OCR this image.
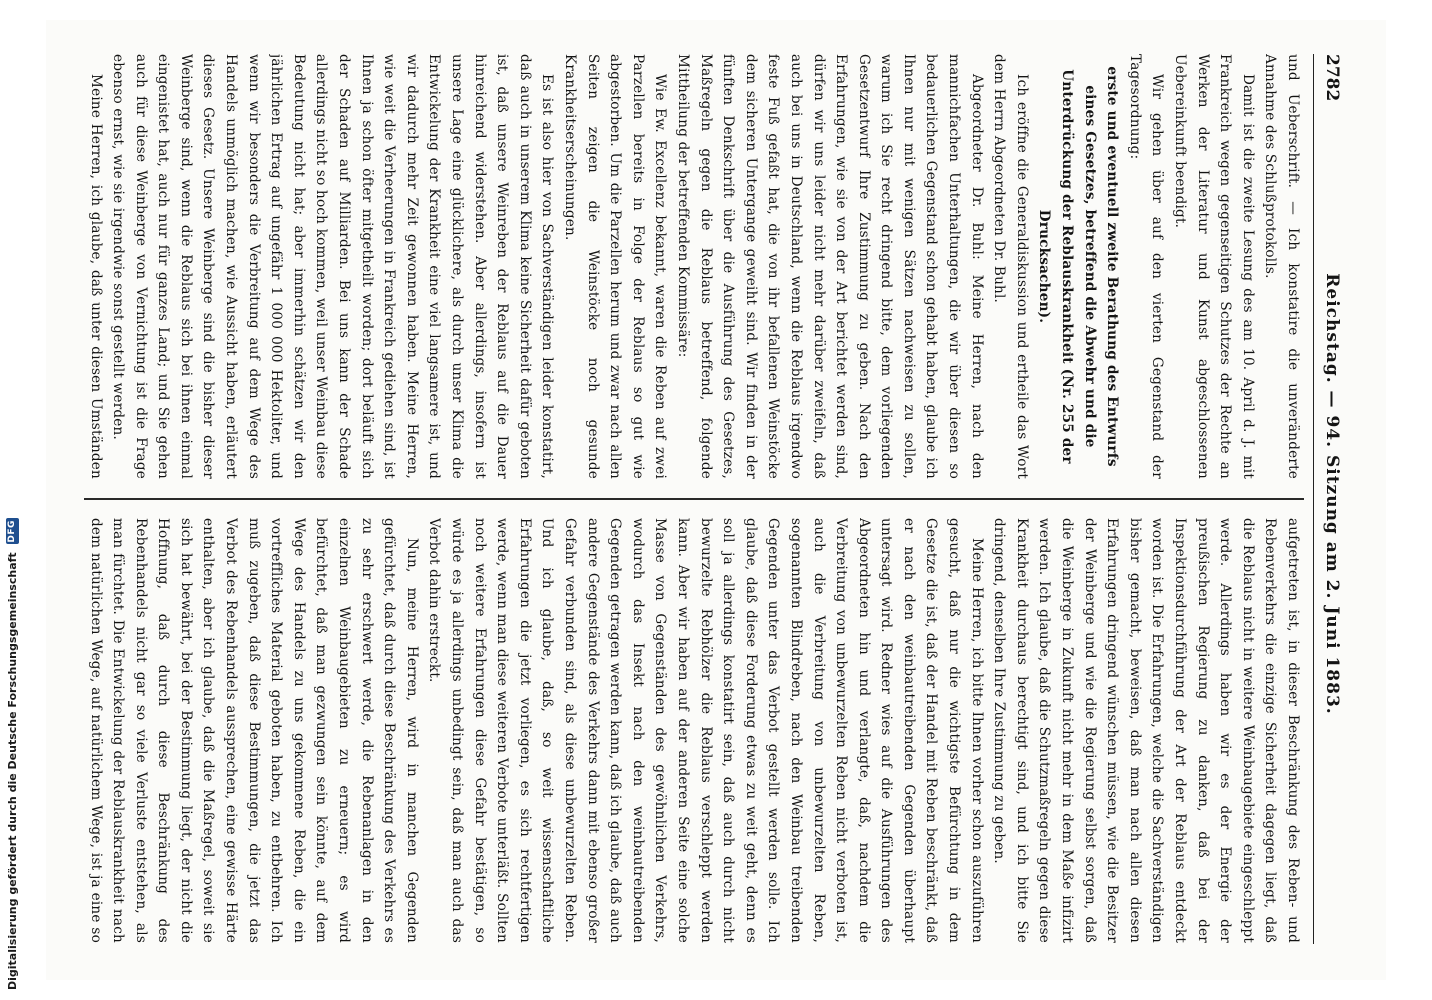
2782
Reichstag. — 94. Sitzung am 2. Juni 1883.

und Ueberschrift. — Ich konstatire die unveränderte Annahme des Schlußprotokolls.

Damit ist die zweite Lesung des am 10. April d. J. mit Frankreich wegen gegenseitigen Schutzes der Rechte an Werken der Literatur und Kunst abgeschlossenen Uebereinkunft beendigt.

Wir gehen über auf den vierten Gegenstand der Tagesordnung:

erste und eventuell zweite Berathung des Entwurfs eines Gesetzes, betreffend die Abwehr und die Unterdrückung der Reblauskrankheit (Nr. 255 der Drucksachen).

Ich eröffne die Generaldiskussion und ertheile das Wort dem Herrn Abgeordneten Dr. Buhl.

Abgeordneter Dr. Buhl: Meine Herren, nach den mannichfachen Unterhaltungen, die wir über diesen so bedauerlichen Gegenstand schon gehabt haben, glaube ich Ihnen nur mit wenigen Sätzen nachweisen zu sollen, warum ich Sie recht dringend bitte, dem vorliegenden Gesetzentwurf Ihre Zustimmung zu geben. Nach den Erfahrungen, wie sie von der Art berichtet werden sind, dürfen wir uns leider nicht mehr darüber zweifeln, daß auch bei uns in Deutschland, wenn die Reblaus irgendwo feste Fuß gefaßt hat, die von ihr befallenen Weinstöcke dem sicheren Untergange geweiht sind. Wir finden in der fünften Denkschrift über die Ausführung des Gesetzes, Maßregeln gegen die Reblaus betreffend, folgende Mittheilung der betreffenden Kommissäre:

Wie Ew. Excellenz bekannt, waren die Reben auf zwei Parzellen bereits in Folge der Reblaus so gut wie abgestorben. Um die Parzellen herum und zwar nach allen Seiten zeigen die Weinstöcke noch gesunde Krankheitserscheinungen.

Es ist also hier von Sachverständigen leider konstatirt, daß auch in unserem Klima keine Sicherheit dafür geboten ist, daß unsere Weinreben der Reblaus auf die Dauer hinreichend widerstehen. Aber allerdings, insofern ist unsere Lage eine glücklichere, als durch unser Klima die Entwickelung der Krankheit eine viel langsamere ist, und wir dadurch mehr Zeit gewonnen haben. Meine Herren, wie weit die Verheerungen in Frankreich gediehen sind, ist Ihnen ja schon öfter mitgetheilt worden; dort beläuft sich der Schaden auf Milliarden. Bei uns kann der Schade allerdings nicht so hoch kommen, weil unser Weinbau diese Bedeutung nicht hat; aber immerhin schätzen wir den jährlichen Ertrag auf ungefähr 1 000 000 Hektoliter, und wenn wir besonders die Verbreitung auf dem Wege des Handels unmöglich machen, wie Aussicht haben, erläutert dieses Gesetz. Unsere Weinberge sind die bisher dieser Weinberge sind, wenn die Reblaus sich bei ihnen einmal eingenistet hat, auch nur für ganzes Land; und Sie gehen auch für diese Weinberge von Vernichtung ist die Frage ebenso ernst, wie sie irgendwie sonst gestellt werden.

Meine Herren, ich glaube, daß unter diesen Umständen

aufgetreten ist, in dieser Beschränkung des Reben- und Rebenverkehrs die einzige Sicherheit dagegen liegt, daß die Reblaus nicht in weitere Weinbaugebiete eingeschleppt werde. Allerdings haben wir es der Energie der preußischen Regierung zu danken, daß bei der Inspektionsdurchführung der Art der Reblaus entdeckt worden ist. Die Erfahrungen, welche die Sachverständigen bisher gemacht, beweisen, daß man nach allen diesen Erfahrungen dringend wünschen müssen, wie die Besitzer der Weinberge und wie die Regierung selbst sorgen, daß die Weinberge in Zukunft nicht mehr in dem Maße infizirt werden. Ich glaube, daß die Schutzmaßregeln gegen diese Krankheit durchaus berechtigt sind, und ich bitte Sie dringend, denselben Ihre Zustimmung zu geben.

Meine Herren, ich bitte Ihnen vorher schon auszuführen gesucht, daß nur die wichtigste Befürchtung in dem Gesetze die ist, daß der Handel mit Reben beschränkt, daß er nach den weinbautreibenden Gegenden überhaupt untersagt wird. Redner wies auf die Ausführungen des Abgeordneten hin und verlangte, daß, nachdem die Verbreitung von unbewurzelten Reben nicht verboten ist, auch die Verbreitung von unbewurzelten Reben, sogenannten Blindreben, nach den Weinbau treibenden Gegenden unter das Verbot gestellt werden solle. Ich glaube, daß diese Forderung etwas zu weit geht, denn es soll ja allerdings konstatirt sein, daß auch durch nicht bewurzelte Rebhölzer die Reblaus verschleppt werden kann. Aber wir haben auf der anderen Seite eine solche Masse von Gegenständen des gewöhnlichen Verkehrs, wodurch das Insekt nach den weinbautreibenden Gegenden getragen werden kann, daß ich glaube, daß auch andere Gegenstände des Verkehrs dann mit ebenso großer Gefahr verbunden sind, als diese unbewurzelten Reben. Und ich glaube, daß, so weit wissenschaftliche Erfahrungen die jetzt vorliegen, es sich rechtfertigen werde, wenn man diese weiteren Verbote unterläßt. Sollten noch weitere Erfahrungen diese Gefahr bestätigen, so würde es ja allerdings unbedingt sein, daß man auch das Verbot dahin erstreckt.

Nun, meine Herren, wird in manchen Gegenden gefürchtet, daß durch diese Beschränkung des Verkehrs es zu sehr erschwert werde, die Rebenanlagen in den einzelnen Weinbaugebieten zu erneuern; es wird befürchtet, daß man gezwungen sein könnte, auf dem Wege des Handels zu uns gekommene Reben, die ein vortreffliches Material geboten haben, zu entbehren. Ich muß zugeben, daß diese Bestimmungen, die jetzt das Verbot des Rebenhandels aussprechen, eine gewisse Härte enthalten, aber ich glaube, daß die Maßregel, soweit sie sich hat bewährt, bei der Bestimmung liegt, der nicht die Hoffnung, daß durch diese Beschränkung des Rebenhandels nicht gar so viele Verluste entstehen, als man fürchtet. Die Entwickelung der Reblauskrankheit nach dem natürlichen Wege, auf natürlichem Wege, ist ja eine so

Digitalisierung gefördert durch die Deutsche Forschungsgemeinschaft
DFG
